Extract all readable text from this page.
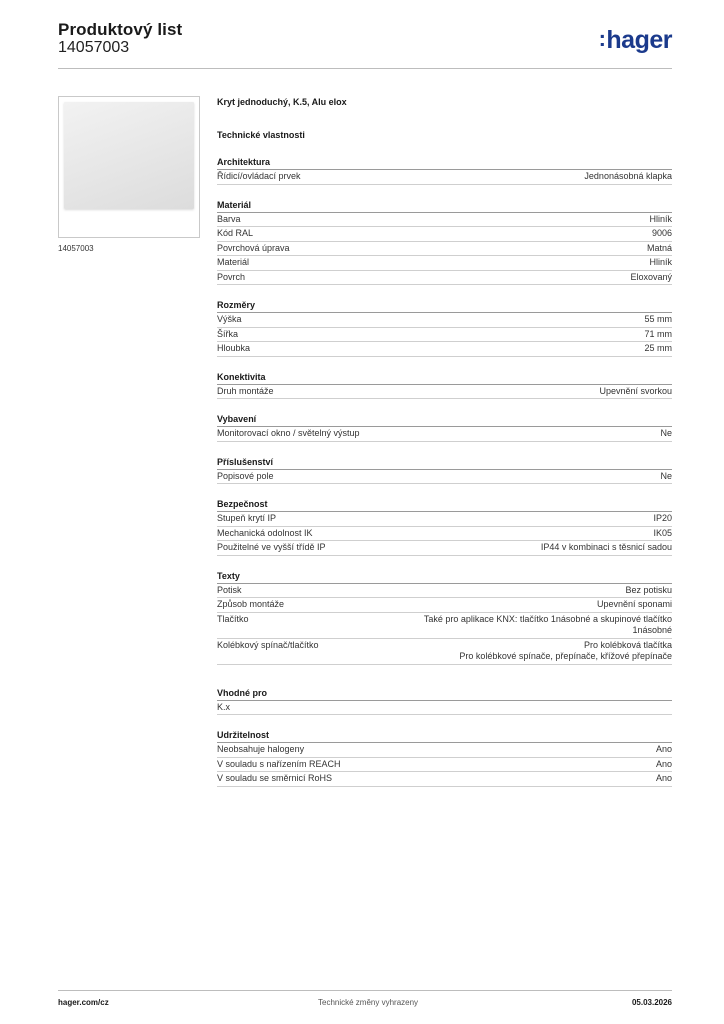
Produktový list
14057003	:hager
14057003
Kryt jednoduchý, K.5, Alu elox
Technické vlastnosti
Architektura
Řídicí/ovládací prvek	Jednonásobná klapka
Materiál
Barva	Hliník
Kód RAL	9006
Povrchová úprava	Matná
Materiál	Hliník
Povrch	Eloxovaný
Rozměry
Výška	55 mm
Šířka	71 mm
Hloubka	25 mm
Konektivita
Druh montáže	Upevnění svorkou
Vybavení
Monitorovací okno / světelný výstup	Ne
Příslušenství
Popisové pole	Ne
Bezpečnost
Stupeň krytí IP	IP20
Mechanická odolnost IK	IK05
Použitelné ve vyšší třídě IP	IP44 v kombinaci s těsnicí sadou
Texty
Potisk	Bez potisku
Způsob montáže	Upevnění sponami
Tlačítko	Také pro aplikace KNX: tlačítko 1násobné a skupinové tlačítko
1násobné
Kolébkový spínač/tlačítko	Pro kolébková tlačítka
Pro kolébkové spínače, přepínače, křížové přepínače
Vhodné pro
K.x
Udržitelnost
Neobsahuje halogeny	Ano
V souladu s nařízením REACH	Ano
V souladu se směrnicí RoHS	Ano
hager.com/cz	Technické změny vyhrazeny	05.03.2026
